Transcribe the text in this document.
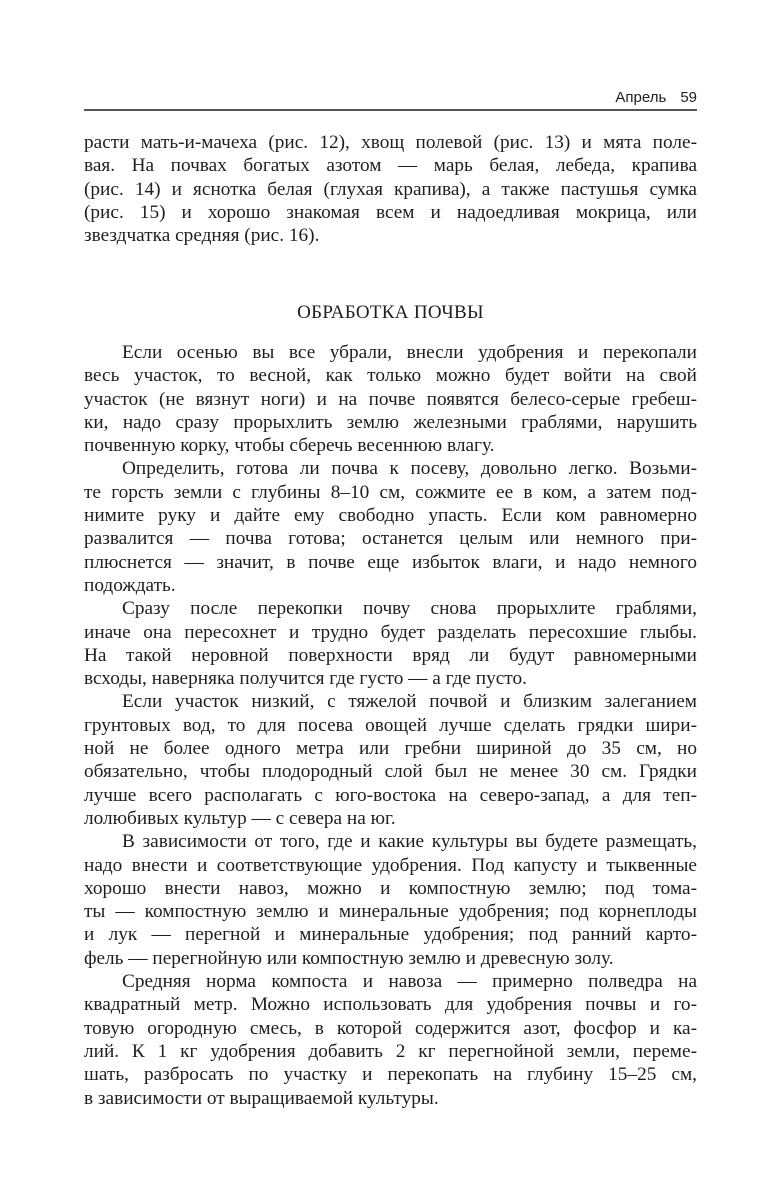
Апрель 59
расти мать-и-мачеха (рис. 12), хвощ полевой (рис. 13) и мята поле-
вая. На почвах богатых азотом — марь белая, лебеда, крапива
(рис. 14) и яснотка белая (глухая крапива), а также пастушья сумка
(рис. 15) и хорошо знакомая всем и надоедливая мокрица, или
звездчатка средняя (рис. 16).
ОБРАБОТКА ПОЧВЫ
Если осенью вы все убрали, внесли удобрения и перекопали
весь участок, то весной, как только можно будет войти на свой
участок (не вязнут ноги) и на почве появятся белесо-серые гребеш-
ки, надо сразу прорыхлить землю железными граблями, нарушить
почвенную корку, чтобы сберечь весеннюю влагу.
Определить, готова ли почва к посеву, довольно легко. Возьми-
те горсть земли с глубины 8–10 см, сожмите ее в ком, а затем под-
нимите руку и дайте ему свободно упасть. Если ком равномерно
развалится — почва готова; останется целым или немного при-
плюснется — значит, в почве еще избыток влаги, и надо немного
подождать.
Сразу после перекопки почву снова прорыхлите граблями,
иначе она пересохнет и трудно будет разделать пересохшие глыбы.
На такой неровной поверхности вряд ли будут равномерными
всходы, наверняка получится где густо — а где пусто.
Если участок низкий, с тяжелой почвой и близким залеганием
грунтовых вод, то для посева овощей лучше сделать грядки шири-
ной не более одного метра или гребни шириной до 35 см, но
обязательно, чтобы плодородный слой был не менее 30 см. Грядки
лучше всего располагать с юго-востока на северо-запад, а для теп-
лолюбивых культур — с севера на юг.
В зависимости от того, где и какие культуры вы будете размещать,
надо внести и соответствующие удобрения. Под капусту и тыквенные
хорошо внести навоз, можно и компостную землю; под тома-
ты — компостную землю и минеральные удобрения; под корнеплоды
и лук — перегной и минеральные удобрения; под ранний карто-
фель — перегнойную или компостную землю и древесную золу.
Средняя норма компоста и навоза — примерно полведра на
квадратный метр. Можно использовать для удобрения почвы и го-
товую огородную смесь, в которой содержится азот, фосфор и ка-
лий. К 1 кг удобрения добавить 2 кг перегнойной земли, переме-
шать, разбросать по участку и перекопать на глубину 15–25 см,
в зависимости от выращиваемой культуры.
